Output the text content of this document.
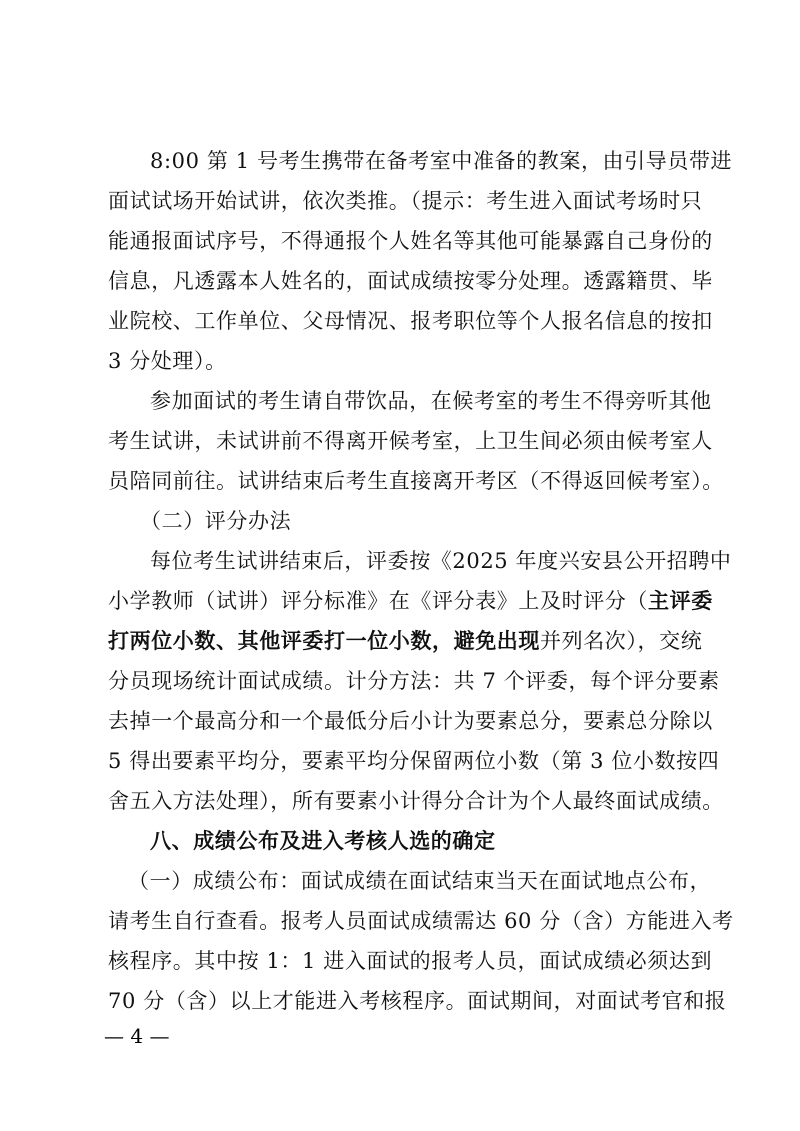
8:00 第 1 号考生携带在备考室中准备的教案，由引导员带进
面试试场开始试讲，依次类推。（提示：考生进入面试考场时只
能通报面试序号，不得通报个人姓名等其他可能暴露自己身份的
信息，凡透露本人姓名的，面试成绩按零分处理。透露籍贯、毕
业院校、工作单位、父母情况、报考职位等个人报名信息的按扣
3 分处理）。
参加面试的考生请自带饮品，在候考室的考生不得旁听其他
考生试讲，未试讲前不得离开候考室，上卫生间必须由候考室人
员陪同前往。试讲结束后考生直接离开考区（不得返回候考室）。
（二）评分办法
每位考生试讲结束后，评委按《2025 年度兴安县公开招聘中
小学教师（试讲）评分标准》在《评分表》上及时评分（主评委
打两位小数、其他评委打一位小数，避免出现并列名次），交统
分员现场统计面试成绩。计分方法：共 7 个评委，每个评分要素
去掉一个最高分和一个最低分后小计为要素总分，要素总分除以
5 得出要素平均分，要素平均分保留两位小数（第 3 位小数按四
舍五入方法处理），所有要素小计得分合计为个人最终面试成绩。
八、成绩公布及进入考核人选的确定
（一）成绩公布：面试成绩在面试结束当天在面试地点公布，
请考生自行查看。报考人员面试成绩需达 60 分（含）方能进入考
核程序。其中按 1：1 进入面试的报考人员，面试成绩必须达到
70 分（含）以上才能进入考核程序。面试期间，对面试考官和报
— 4 —
